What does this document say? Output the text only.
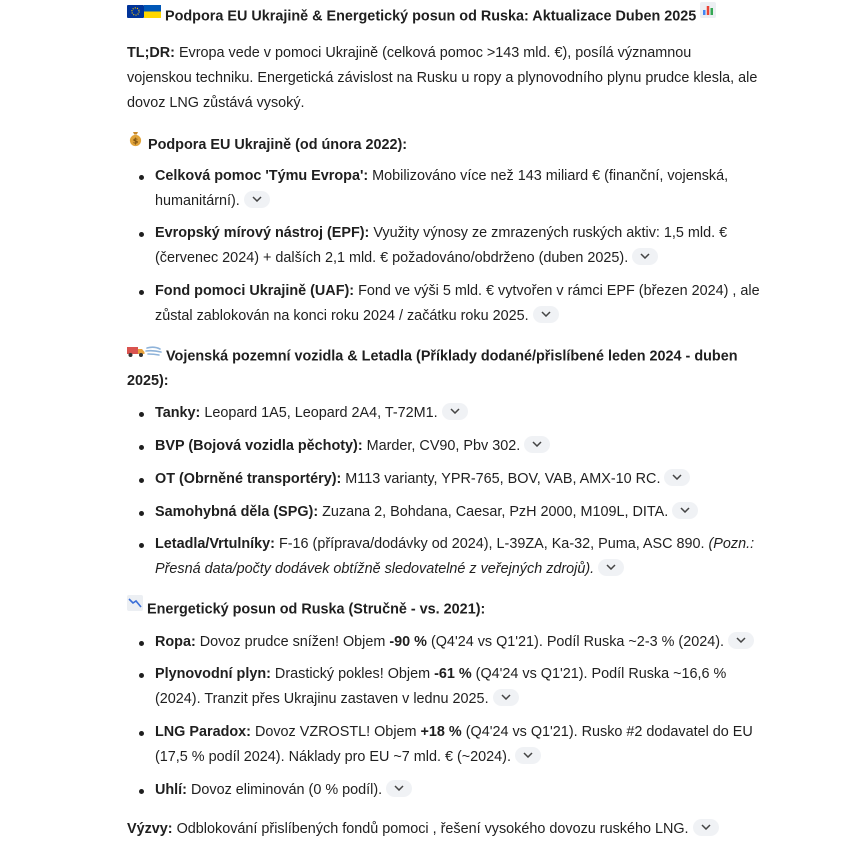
Podpora EU Ukrajině & Energetický posun od Ruska: Aktualizace Duben 2025

TL;DR: Evropa vede v pomoci Ukrajině (celková pomoc >143 mld. €), posílá významnou vojenskou techniku. Energetická závislost na Rusku u ropy a plynovodního plynu prudce klesla, ale dovoz LNG zůstává vysoký.

$ Podpora EU Ukrajině (od února 2022):

Celková pomoc 'Týmu Evropa': Mobilizováno více než 143 miliard € (finanční, vojenská, humanitární).
Evropský mírový nástroj (EPF): Využity výnosy ze zmrazených ruských aktiv: 1,5 mld. € (červenec 2024) + dalších 2,1 mld. € požadováno/obdrženo (duben 2025).
Fond pomoci Ukrajině (UAF): Fond ve výši 5 mld. € vytvořen v rámci EPF (březen 2024) , ale zůstal zablokován na konci roku 2024 / začátku roku 2025.

Vojenská pozemní vozidla & Letadla (Příklady dodané/přislíbené leden 2024 - duben 2025):

Tanky: Leopard 1A5, Leopard 2A4, T-72M1.
BVP (Bojová vozidla pěchoty): Marder, CV90, Pbv 302.
OT (Obrněné transportéry): M113 varianty, YPR-765, BOV, VAB, AMX-10 RC.
Samohybná děla (SPG): Zuzana 2, Bohdana, Caesar, PzH 2000, M109L, DITA.
Letadla/Vrtulníky: F-16 (příprava/dodávky od 2024), L-39ZA, Ka-32, Puma, ASC 890. (Pozn.: Přesná data/počty dodávek obtížně sledovatelné z veřejných zdrojů).

Energetický posun od Ruska (Stručně - vs. 2021):

Ropa: Dovoz prudce snížen! Objem -90 % (Q4'24 vs Q1'21). Podíl Ruska ~2-3 % (2024).
Plynovodní plyn: Drastický pokles! Objem -61 % (Q4'24 vs Q1'21). Podíl Ruska ~16,6 % (2024). Tranzit přes Ukrajinu zastaven v lednu 2025.
LNG Paradox: Dovoz VZROSTL! Objem +18 % (Q4'24 vs Q1'21). Rusko #2 dodavatel do EU (17,5 % podíl 2024). Náklady pro EU ~7 mld. € (~2024).
Uhlí: Dovoz eliminován (0 % podíl).

Výzvy: Odblokování přislíbených fondů pomoci , řešení vysokého dovozu ruského LNG.
